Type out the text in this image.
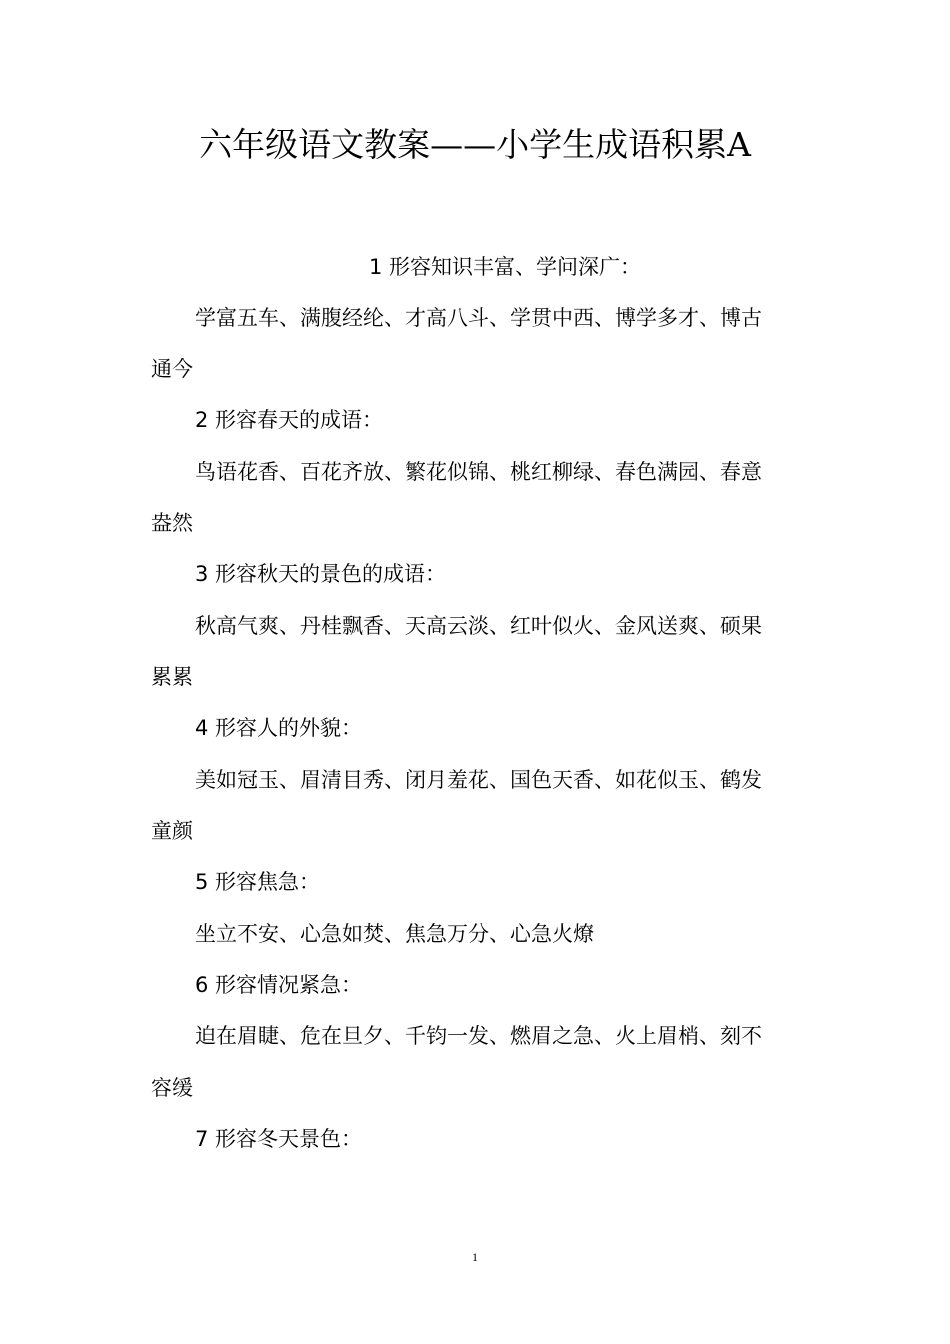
六年级语文教案——小学生成语积累A
1 形容知识丰富、学问深广：
学富五车、满腹经纶、才高八斗、学贯中西、博学多才、博古
通今
2 形容春天的成语：
鸟语花香、百花齐放、繁花似锦、桃红柳绿、春色满园、春意
盎然
3 形容秋天的景色的成语：
秋高气爽、丹桂飘香、天高云淡、红叶似火、金风送爽、硕果
累累
4 形容人的外貌：
美如冠玉、眉清目秀、闭月羞花、国色天香、如花似玉、鹤发
童颜
5 形容焦急：
坐立不安、心急如焚、焦急万分、心急火燎
6 形容情况紧急：
迫在眉睫、危在旦夕、千钧一发、燃眉之急、火上眉梢、刻不
容缓
7 形容冬天景色：
1
